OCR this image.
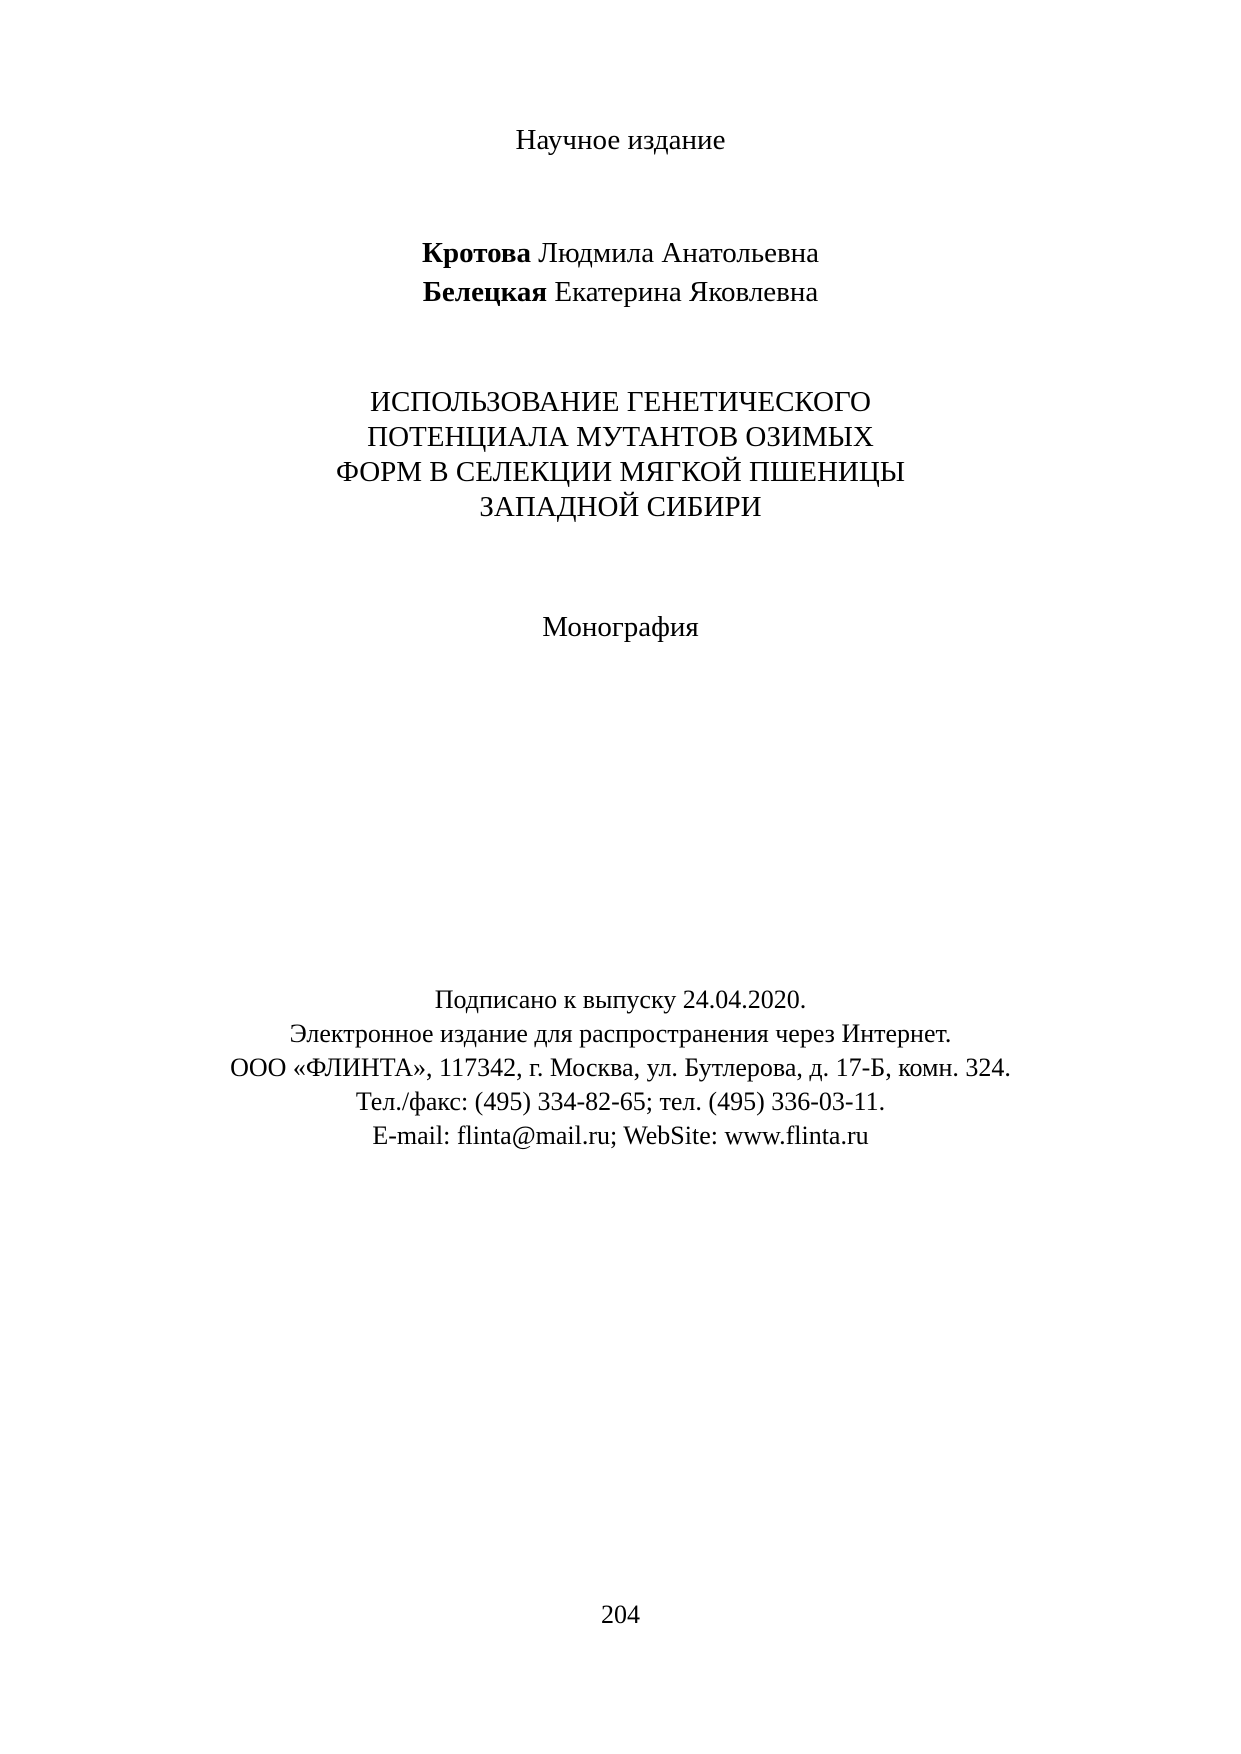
Научное издание
Кротова Людмила Анатольевна
Белецкая Екатерина Яковлевна
ИСПОЛЬЗОВАНИЕ ГЕНЕТИЧЕСКОГО
ПОТЕНЦИАЛА МУТАНТОВ ОЗИМЫХ
ФОРМ В СЕЛЕКЦИИ МЯГКОЙ ПШЕНИЦЫ
ЗАПАДНОЙ СИБИРИ
Монография
Подписано к выпуску 24.04.2020.
Электронное издание для распространения через Интернет.
ООО «ФЛИНТА», 117342, г. Москва, ул. Бутлерова, д. 17-Б, комн. 324.
Тел./факс: (495) 334-82-65; тел. (495) 336-03-11.
E-mail: flinta@mail.ru; WebSite: www.flinta.ru
204
